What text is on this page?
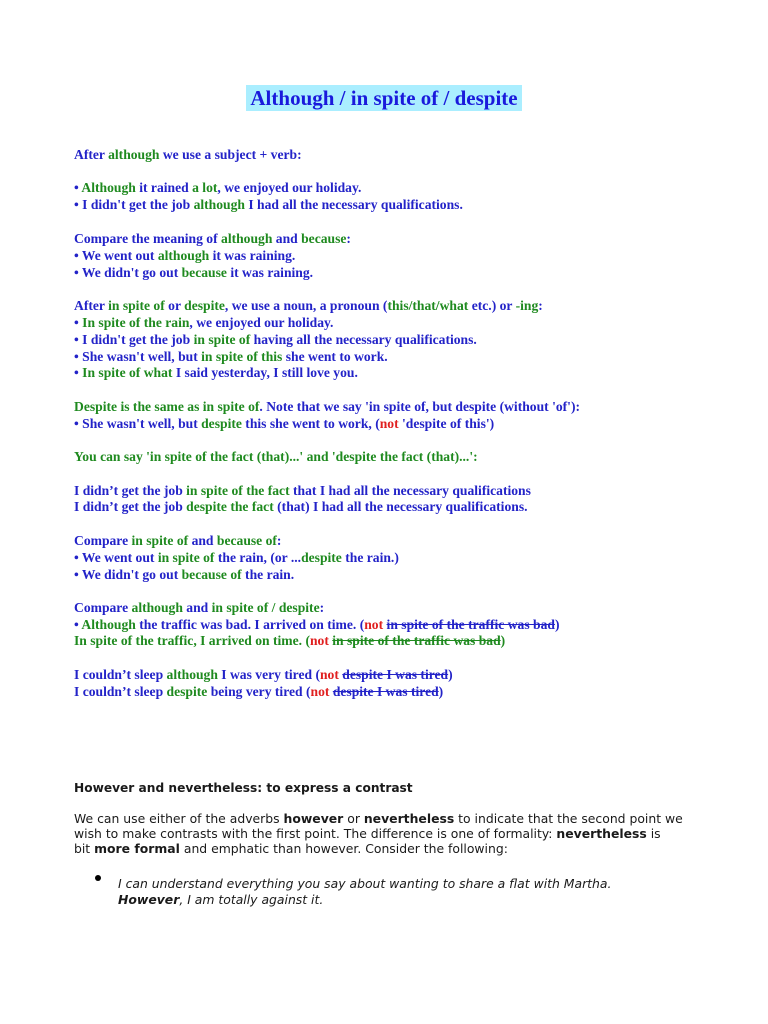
Although / in spite of / despite
After although we use a subject + verb:
• Although it rained a lot, we enjoyed our holiday.
• I didn't get the job although I had all the necessary qualifications.
Compare the meaning of although and because:
• We went out although it was raining.
• We didn't go out because it was raining.
After in spite of or despite, we use a noun, a pronoun (this/that/what etc.) or -ing:
• In spite of the rain, we enjoyed our holiday.
• I didn't get the job in spite of having all the necessary qualifications.
• She wasn't well, but in spite of this she went to work.
• In spite of what I said yesterday, I still love you.
Despite is the same as in spite of. Note that we say 'in spite of, but despite (without 'of'):
• She wasn't well, but despite this she went to work, (not 'despite of this')
You can say 'in spite of the fact (that)...' and 'despite the fact (that)...':
I didn’t get the job in spite of the fact that I had all the necessary qualifications
I didn’t get the job despite the fact (that) I had all the necessary qualifications.
Compare in spite of and because of:
• We went out in spite of the rain, (or ...despite the rain.)
• We didn't go out because of the rain.
Compare although and in spite of / despite:
• Although the traffic was bad. I arrived on time. (not in spite of the traffic was bad)
In spite of the traffic, I arrived on time. (not in spite of the traffic was bad)
I couldn’t sleep although I was very tired (not despite I was tired)
I couldn’t sleep despite being very tired (not despite I was tired)
However and nevertheless: to express a contrast
We can use either of the adverbs however or nevertheless to indicate that the second point we
wish to make contrasts with the first point. The difference is one of formality: nevertheless is
bit more formal and emphatic than however. Consider the following:
I can understand everything you say about wanting to share a flat with Martha.
However, I am totally against it.
